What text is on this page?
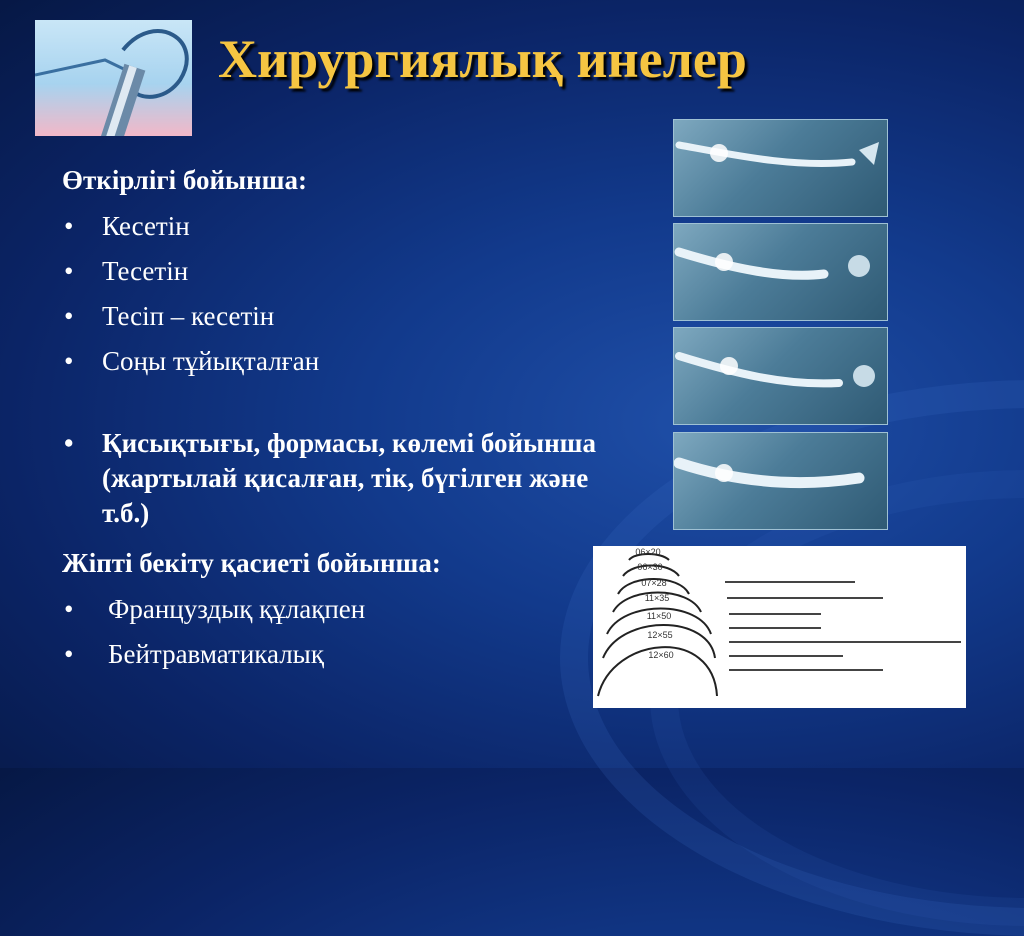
Хирургиялық инелер

Өткірлігі бойынша:

• Кесетін
• Тесетін
• Тесіп – кесетін
• Соңы тұйықталған
• Қисықтығы, формасы, көлемі бойынша (жартылай қисалған, тік, бүгілген және т.б.)

Жіпті бекіту қасиеті бойынша:

• Француздық құлақпен
• Бейтравматикалық
06×20
06×30
07×28
11×35
11×50
12×55
12×60
